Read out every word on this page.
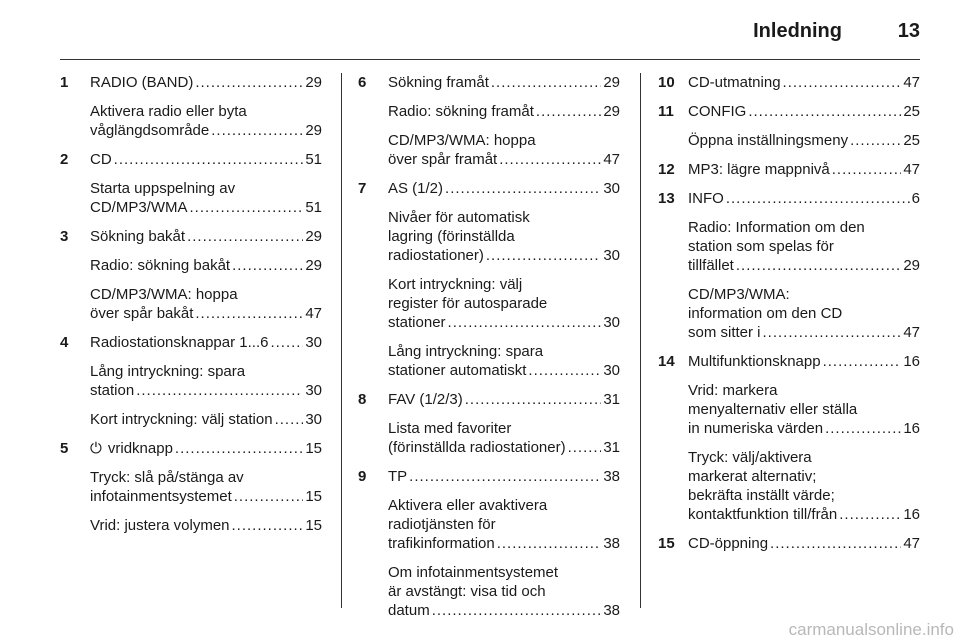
Inledning	13
1	RADIO (BAND) .....	29
Aktivera radio eller byta
våglängdsområde .....	29
2	CD .....	51
Starta uppspelning av
CD/MP3/WMA .....	51
3	Sökning bakåt .....	29
Radio: sökning bakåt .....	29
CD/MP3/WMA: hoppa
över spår bakåt .....	47
4	Radiostationsknappar 1...6 ..... 30
Lång intryckning: spara
station .....	30
Kort intryckning: välj station ..... 30
5	⏻ vridknapp .....	15
Tryck: slå på/stänga av
infotainmentsystemet .....	15
Vrid: justera volymen .....	15
6	Sökning framåt .....	29
Radio: sökning framåt .....	29
CD/MP3/WMA: hoppa
över spår framåt .....	47
7	AS (1/2) .....	30
Nivåer för automatisk
lagring (förinställda
radiostationer) .....	30
Kort intryckning: välj
register för autosparade
stationer .....	30
Lång intryckning: spara
stationer automatiskt .....	30
8	FAV (1/2/3) .....	31
Lista med favoriter
(förinställda radiostationer) .....	31
9	TP .....	38
Aktivera eller avaktivera
radiotjänsten för
trafikinformation .....	38
Om infotainmentsystemet
är avstängt: visa tid och
datum .....	38
10 CD-utmatning .....	47
11 CONFIG .....	25
Öppna inställningsmeny .....	25
12 MP3: lägre mappnivå .....	47
13 INFO .....	6
Radio: Information om den
station som spelas för
tillfället .....	29
CD/MP3/WMA:
information om den CD
som sitter i .....	47
14 Multifunktionsknapp .....	16
Vrid: markera
menyalternativ eller ställa
in numeriska värden .....	16
Tryck: välj/aktivera
markerat alternativ;
bekräfta inställt värde;
kontaktfunktion till/från .....	16
15 CD-öppning .....	47
carmanualsonline.info
